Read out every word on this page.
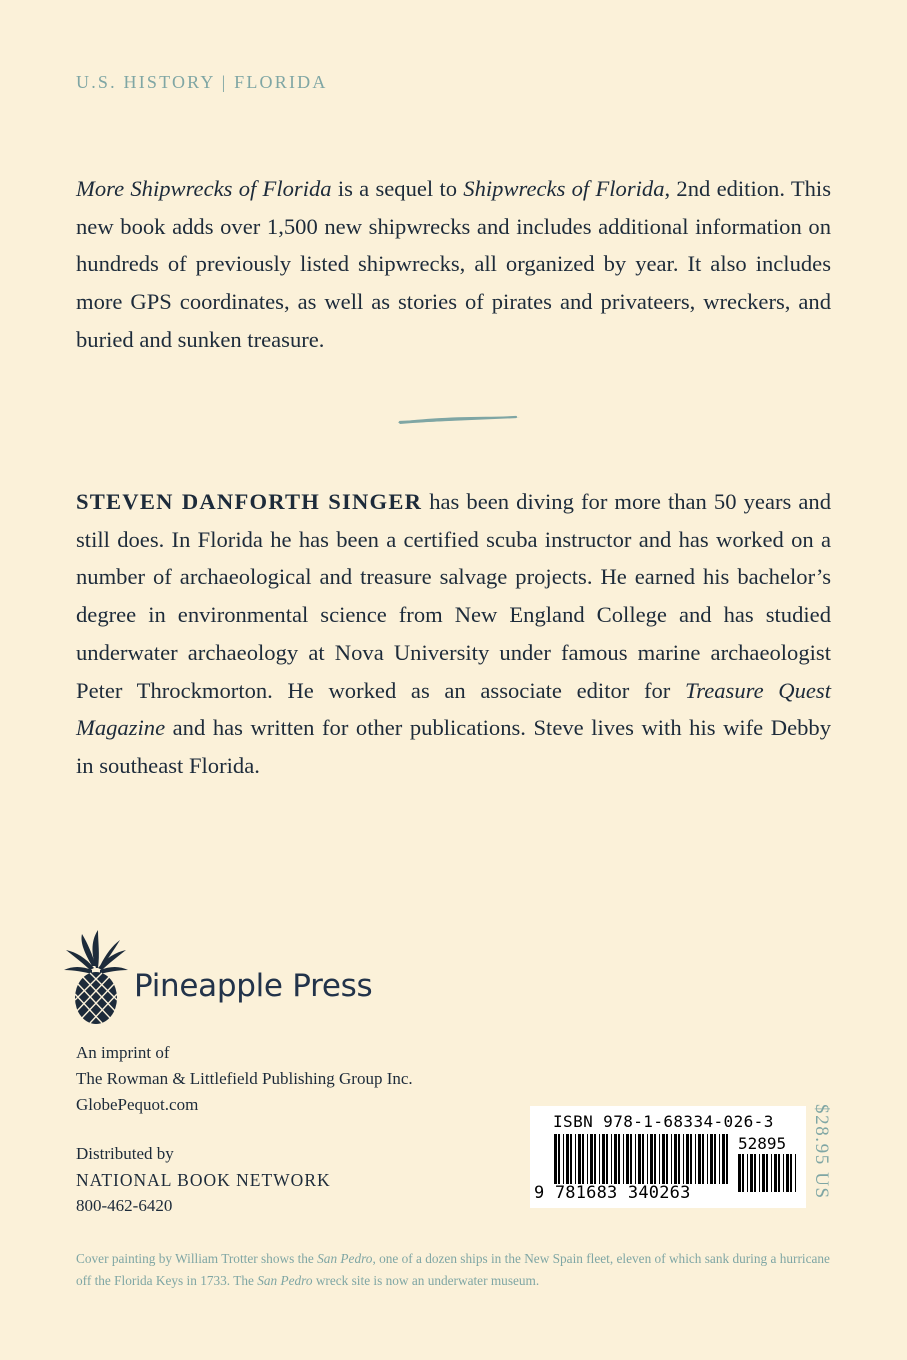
U.S. HISTORY | FLORIDA

More Shipwrecks of Florida is a sequel to Shipwrecks of Florida, 2nd edition. This new book adds over 1,500 new shipwrecks and includes additional information on hundreds of previously listed shipwrecks, all organized by year. It also includes more GPS coordinates, as well as stories of pirates and privateers, wreckers, and buried and sunken treasure.

STEVEN DANFORTH SINGER has been diving for more than 50 years and still does. In Florida he has been a certified scuba instructor and has worked on a number of archaeological and treasure salvage projects. He earned his bachelor’s degree in environmental science from New England College and has studied underwater archaeology at Nova University under famous marine archaeologist Peter Throckmorton. He worked as an associate editor for Treasure Quest Magazine and has written for other publications. Steve lives with his wife Debby in southeast Florida.

Pineapple Press
An imprint of
The Rowman & Littlefield Publishing Group Inc.
GlobePequot.com
Distributed by
NATIONAL BOOK NETWORK
800-462-6420
ISBN 978-1-68334-026-3
52895
9 781683 340263	$28.95 US

Cover painting by William Trotter shows the San Pedro, one of a dozen ships in the New Spain fleet, eleven of which sank during a hurricane off the Florida Keys in 1733. The San Pedro wreck site is now an underwater museum.
